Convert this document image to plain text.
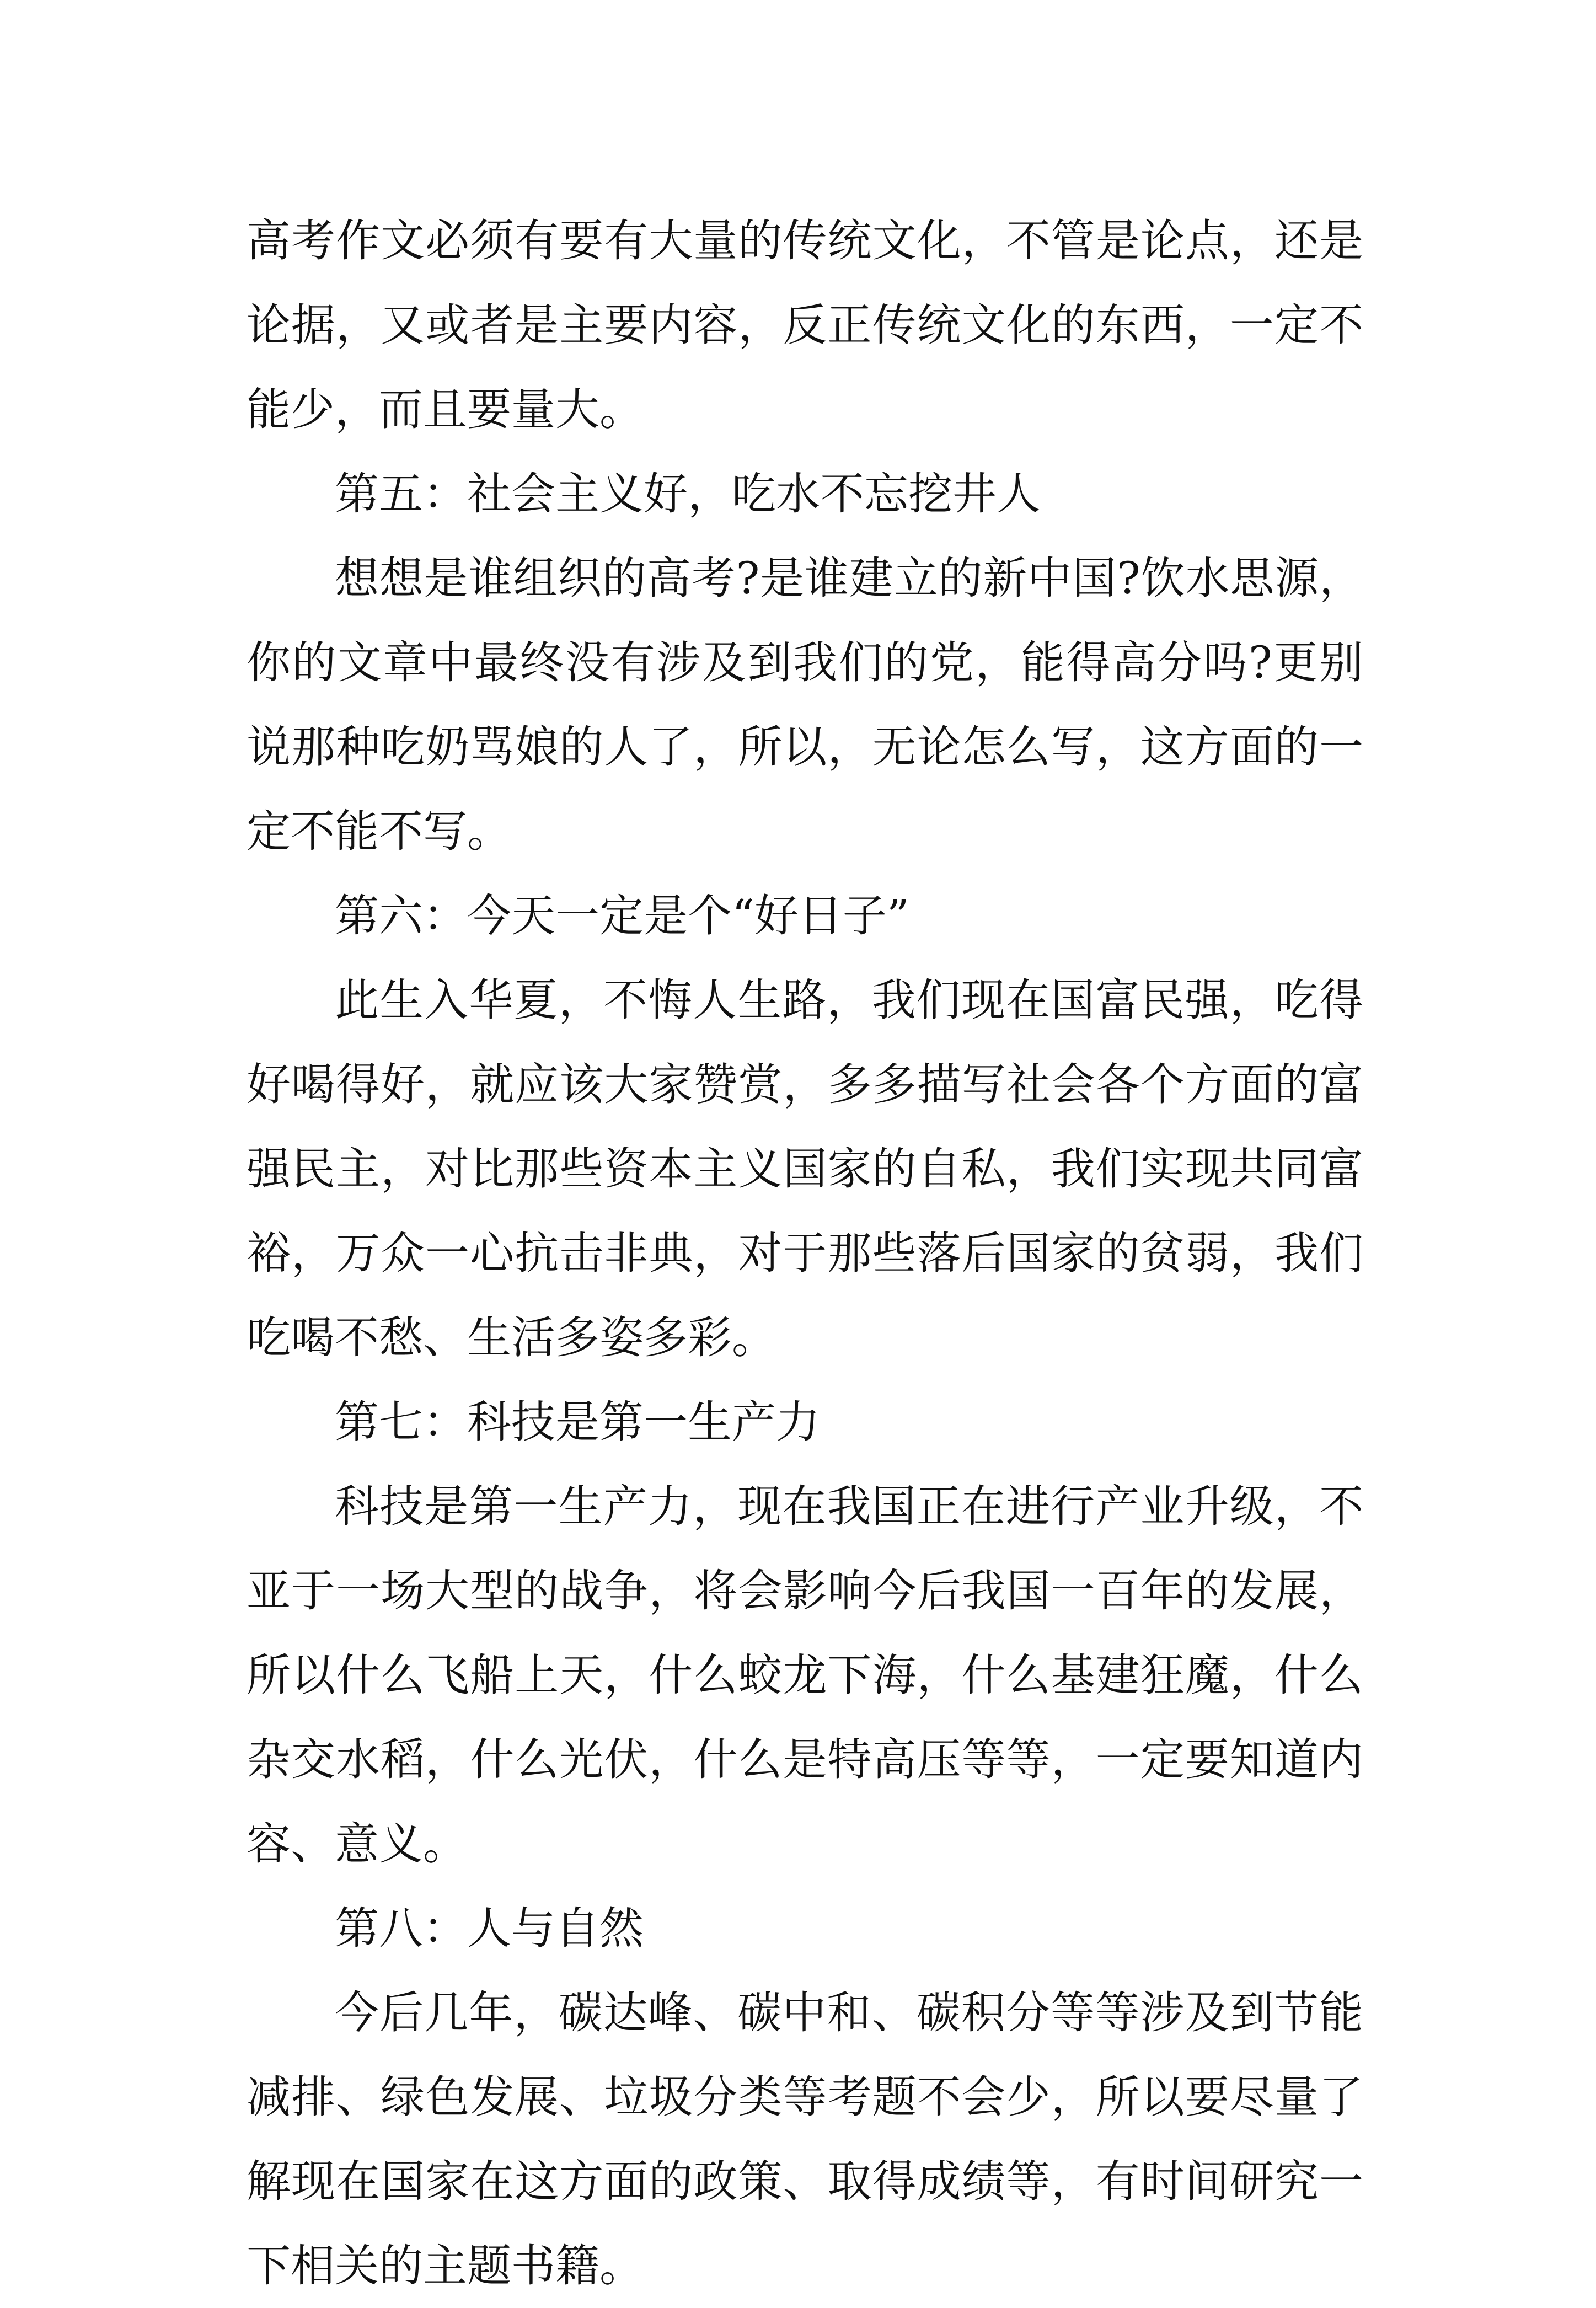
高考作文必须有要有大量的传统文化，不管是论点，还是论据，又或者是主要内容，反正传统文化的东西，一定不能少，而且要量大。

第五：社会主义好，吃水不忘挖井人

想想是谁组织的高考?是谁建立的新中国?饮水思源，你的文章中最终没有涉及到我们的党，能得高分吗?更别说那种吃奶骂娘的人了，所以，无论怎么写，这方面的一定不能不写。

第六：今天一定是个“好日子”

此生入华夏，不悔人生路，我们现在国富民强，吃得好喝得好，就应该大家赞赏，多多描写社会各个方面的富强民主，对比那些资本主义国家的自私，我们实现共同富裕，万众一心抗击非典，对于那些落后国家的贫弱，我们吃喝不愁、生活多姿多彩。

第七：科技是第一生产力

科技是第一生产力，现在我国正在进行产业升级，不亚于一场大型的战争，将会影响今后我国一百年的发展，所以什么飞船上天，什么蛟龙下海，什么基建狂魔，什么杂交水稻，什么光伏，什么是特高压等等，一定要知道内容、意义。

第八：人与自然

今后几年，碳达峰、碳中和、碳积分等等涉及到节能减排、绿色发展、垃圾分类等考题不会少，所以要尽量了解现在国家在这方面的政策、取得成绩等，有时间研究一下相关的主题书籍。
